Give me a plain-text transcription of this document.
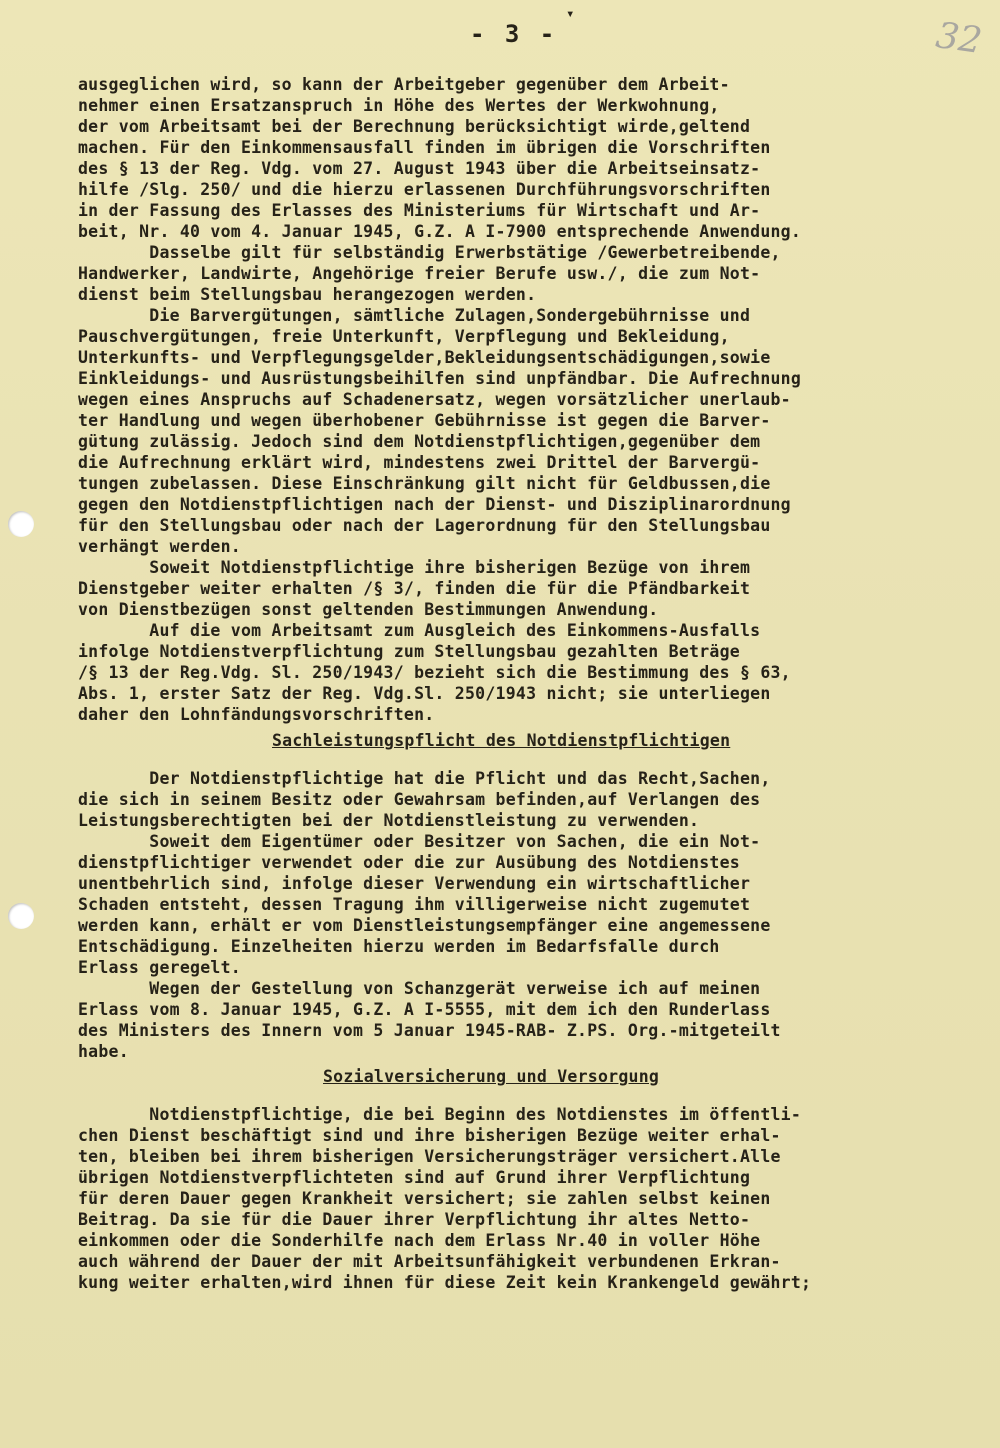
▾
- 3 -	32
ausgeglichen wird, so kann der Arbeitgeber gegenüber dem Arbeit-
nehmer einen Ersatzanspruch in Höhe des Wertes der Werkwohnung,
der vom Arbeitsamt bei der Berechnung berücksichtigt wirde,geltend
machen. Für den Einkommensausfall finden im übrigen die Vorschriften
des § 13 der Reg. Vdg. vom 27. August 1943 über die Arbeitseinsatz-
hilfe /Slg. 250/ und die hierzu erlassenen Durchführungsvorschriften
in der Fassung des Erlasses des Ministeriums für Wirtschaft und Ar-
beit, Nr. 40 vom 4. Januar 1945, G.Z. A I-7900 entsprechende Anwendung.
Dasselbe gilt für selbständig Erwerbstätige /Gewerbetreibende,
Handwerker, Landwirte, Angehörige freier Berufe usw./, die zum Not-
dienst beim Stellungsbau herangezogen werden.
Die Barvergütungen, sämtliche Zulagen,Sondergebührnisse und
Pauschvergütungen, freie Unterkunft, Verpflegung und Bekleidung,
Unterkunfts- und Verpflegungsgelder,Bekleidungsentschädigungen,sowie
Einkleidungs- und Ausrüstungsbeihilfen sind unpfändbar. Die Aufrechnung
wegen eines Anspruchs auf Schadenersatz, wegen vorsätzlicher unerlaub-
ter Handlung und wegen überhobener Gebührnisse ist gegen die Barver-
gütung zulässig. Jedoch sind dem Notdienstpflichtigen,gegenüber dem
die Aufrechnung erklärt wird, mindestens zwei Drittel der Barvergü-
tungen zubelassen. Diese Einschränkung gilt nicht für Geldbussen,die
gegen den Notdienstpflichtigen nach der Dienst- und Disziplinarordnung
für den Stellungsbau oder nach der Lagerordnung für den Stellungsbau
verhängt werden.
Soweit Notdienstpflichtige ihre bisherigen Bezüge von ihrem
Dienstgeber weiter erhalten /§ 3/, finden die für die Pfändbarkeit
von Dienstbezügen sonst geltenden Bestimmungen Anwendung.
Auf die vom Arbeitsamt zum Ausgleich des Einkommens-Ausfalls
infolge Notdienstverpflichtung zum Stellungsbau gezahlten Beträge
/§ 13 der Reg.Vdg. Sl. 250/1943/ bezieht sich die Bestimmung des § 63,
Abs. 1, erster Satz der Reg. Vdg.Sl. 250/1943 nicht; sie unterliegen
daher den Lohnfändungsvorschriften.
Sachleistungspflicht des Notdienstpflichtigen
Der Notdienstpflichtige hat die Pflicht und das Recht,Sachen,
die sich in seinem Besitz oder Gewahrsam befinden,auf Verlangen des
Leistungsberechtigten bei der Notdienstleistung zu verwenden.
Soweit dem Eigentümer oder Besitzer von Sachen, die ein Not-
dienstpflichtiger verwendet oder die zur Ausübung des Notdienstes
unentbehrlich sind, infolge dieser Verwendung ein wirtschaftlicher
Schaden entsteht, dessen Tragung ihm villigerweise nicht zugemutet
werden kann, erhält er vom Dienstleistungsempfänger eine angemessene
Entschädigung. Einzelheiten hierzu werden im Bedarfsfalle durch
Erlass geregelt.
Wegen der Gestellung von Schanzgerät verweise ich auf meinen
Erlass vom 8. Januar 1945, G.Z. A I-5555, mit dem ich den Runderlass
des Ministers des Innern vom 5 Januar 1945-RAB- Z.PS. Org.-mitgeteilt
habe.
Sozialversicherung und Versorgung
Notdienstpflichtige, die bei Beginn des Notdienstes im öffentli-
chen Dienst beschäftigt sind und ihre bisherigen Bezüge weiter erhal-
ten, bleiben bei ihrem bisherigen Versicherungsträger versichert.Alle
übrigen Notdienstverpflichteten sind auf Grund ihrer Verpflichtung
für deren Dauer gegen Krankheit versichert; sie zahlen selbst keinen
Beitrag. Da sie für die Dauer ihrer Verpflichtung ihr altes Netto-
einkommen oder die Sonderhilfe nach dem Erlass Nr.40 in voller Höhe
auch während der Dauer der mit Arbeitsunfähigkeit verbundenen Erkran-
kung weiter erhalten,wird ihnen für diese Zeit kein Krankengeld gewährt;
